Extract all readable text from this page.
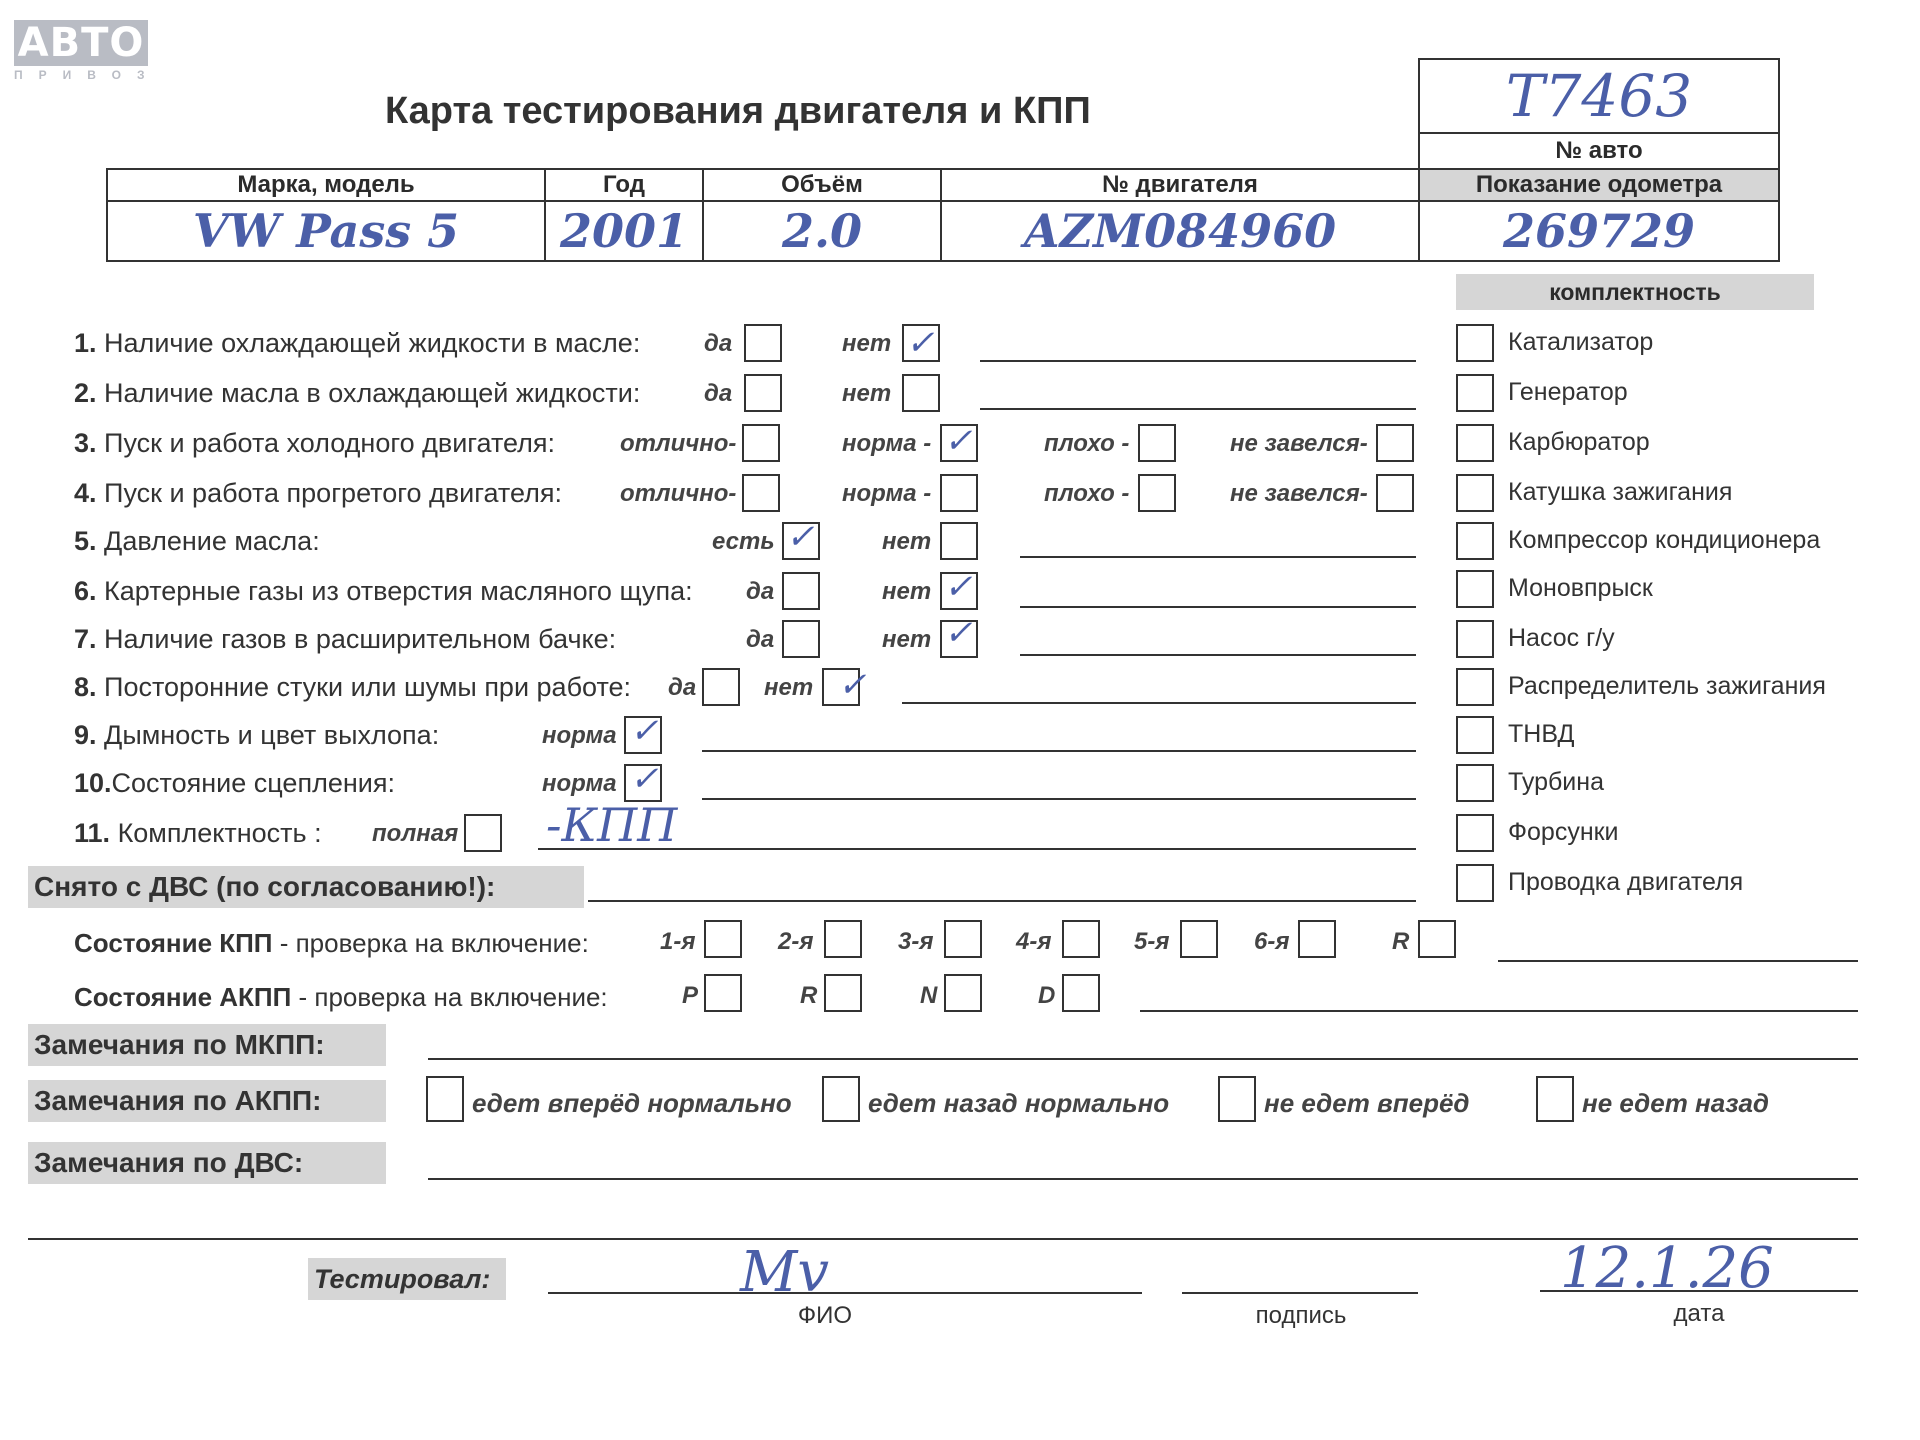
АВТО
ПРИВОЗ
Карта тестирования двигателя и КПП	T7463
№ авто
Марка, модель	Год	Объём	№ двигателя	Показание одометра
VW Pass 5	2001	2.0	AZM084960	269729
1. Наличие охлаждающей жидкости в масле:	да	нет ✓
2. Наличие масла в охлаждающей жидкости:	да	нет
3. Пуск и работа холодного двигателя:	отлично-	норма - ✓	плохо -	не завелся-
4. Пуск и работа прогретого двигателя: отлично-	норма -	плохо -	не завелся-
5. Давление масла:	есть ✓	нет
6. Картерные газы из отверстия масляного щупа: да	нет ✓
7. Наличие газов в расширительном бачке:	да	нет ✓
8. Посторонние стуки или шумы при работе: да	нет ✓
9. Дымность и цвет выхлопа:	норма ✓
10.Состояние сцепления:	норма ✓
11. Комплектность : полная -КПП
комплектность
Катализатор
Генератор
Карбюратор
Катушка зажигания
Компрессор кондиционера
Моновпрыск
Насос г/у
Распределитель зажигания
ТНВД
Турбина
Форсунки
Проводка двигателя
Снято с ДВС (по согласованию!):
Состояние КПП - проверка на включение:	1-я	2-я	3-я	4-я	5-я	6-я	R
Состояние АКПП - проверка на включение:	P	R	N	D
Замечания по МКПП:
Замечания по АКПП:	едет вперёд нормально	едет назад нормально	не едет вперёд	не едет назад
Замечания по ДВС:
Тестировал:	Mv	12.1.26
ФИО	подпись	дата
